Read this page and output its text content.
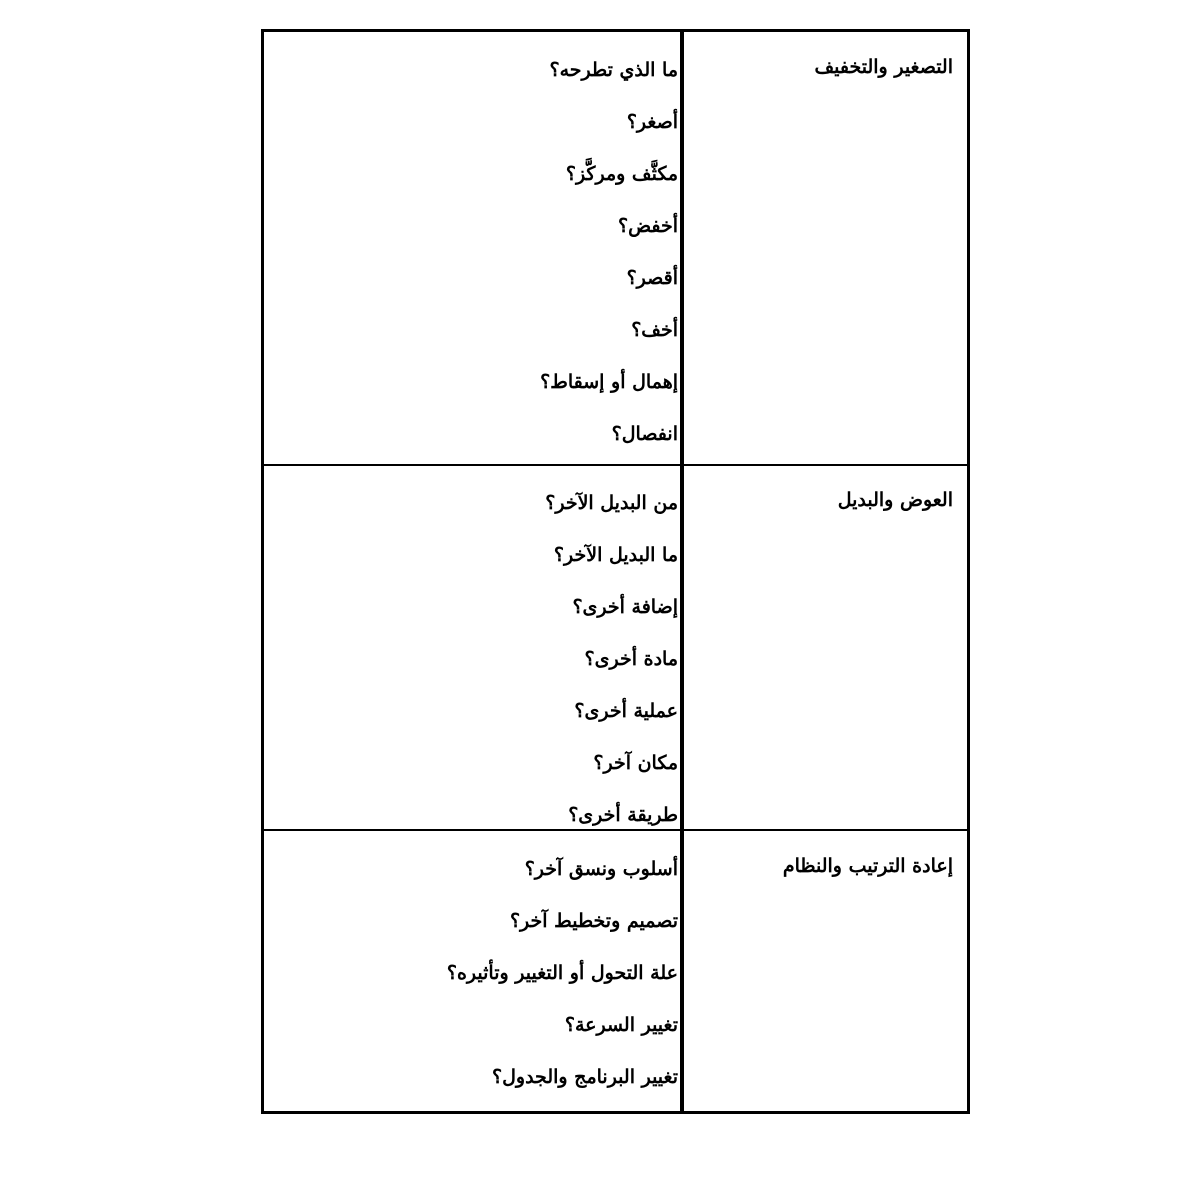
التصغير والتخفيف
ما الذي تطرحه؟
أصغر؟
مكثَّف ومركَّز؟
أخفض؟
أقصر؟
أخف؟
إهمال أو إسقاط؟
انفصال؟
العوض والبديل
من البديل الآخر؟
ما البديل الآخر؟
إضافة أخرى؟
مادة أخرى؟
عملية أخرى؟
مكان آخر؟
طريقة أخرى؟
إعادة الترتيب والنظام
أسلوب ونسق آخر؟
تصميم وتخطيط آخر؟
علة التحول أو التغيير وتأثيره؟
تغيير السرعة؟
تغيير البرنامج والجدول؟
